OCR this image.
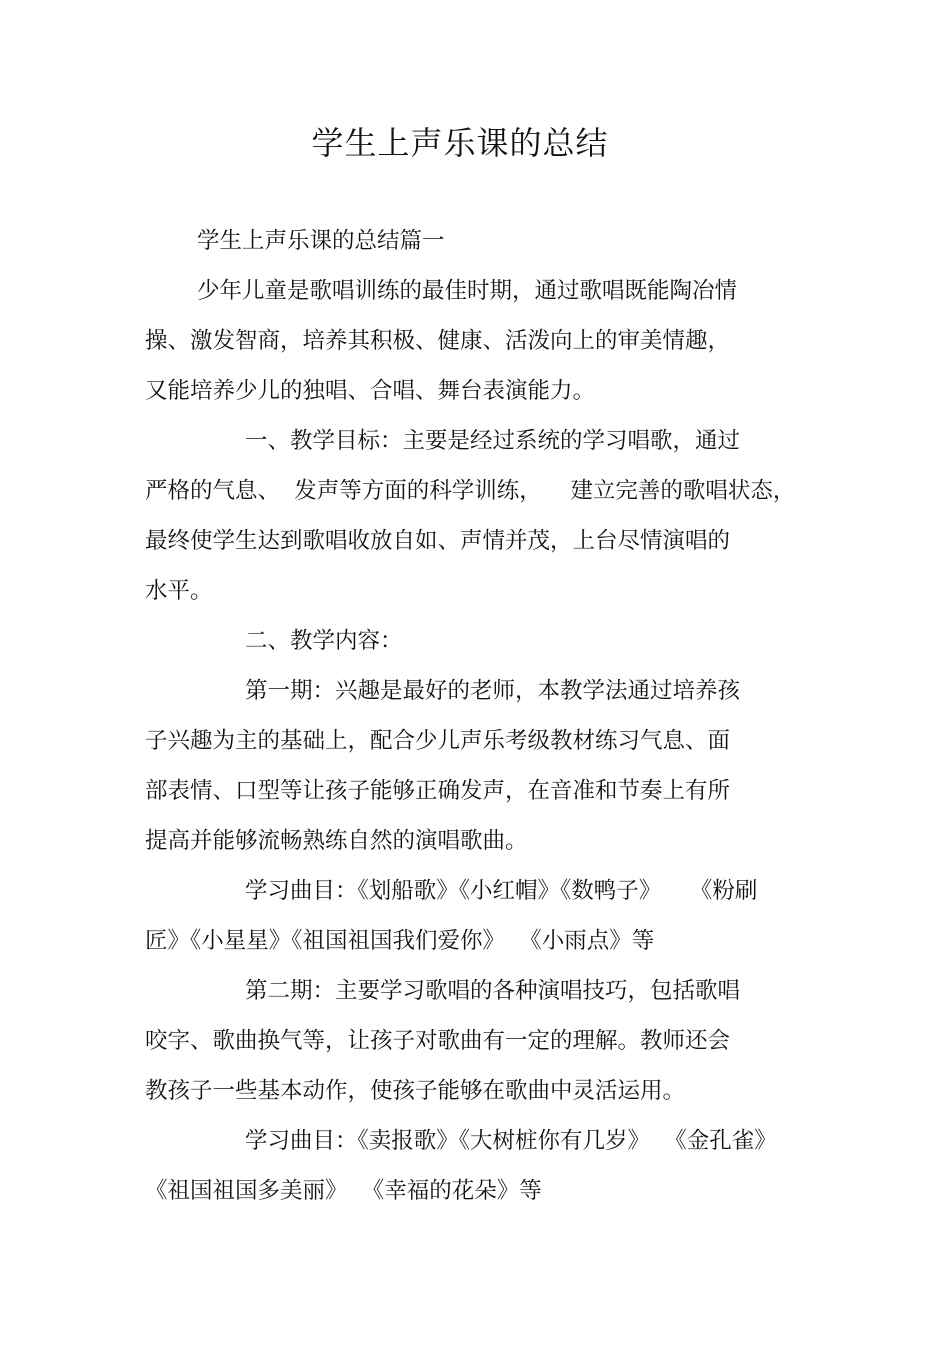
学生上声乐课的总结

学生上声乐课的总结篇一

少年儿童是歌唱训练的最佳时期，通过歌唱既能陶冶情

操、激发智商，培养其积极、健康、活泼向上的审美情趣，

又能培养少儿的独唱、合唱、舞台表演能力。

一、教学目标：主要是经过系统的学习唱歌，通过

严格的气息、  发声等方面的科学训练，    建立完善的歌唱状态，

最终使学生达到歌唱收放自如、声情并茂，上台尽情演唱的

水平。

二、教学内容：

第一期：兴趣是最好的老师，本教学法通过培养孩

子兴趣为主的基础上，配合少儿声乐考级教材练习气息、面

部表情、口型等让孩子能够正确发声，在音准和节奏上有所

提高并能够流畅熟练自然的演唱歌曲。

学习曲目：《划船歌》《小红帽》《数鸭子》    《粉刷

匠》《小星星》《祖国祖国我们爱你》  《小雨点》等

第二期：主要学习歌唱的各种演唱技巧，包括歌唱

咬字、歌曲换气等，让孩子对歌曲有一定的理解。教师还会

教孩子一些基本动作，使孩子能够在歌曲中灵活运用。

学习曲目：《卖报歌》《大树桩你有几岁》  《金孔雀》

《祖国祖国多美丽》  《幸福的花朵》等
